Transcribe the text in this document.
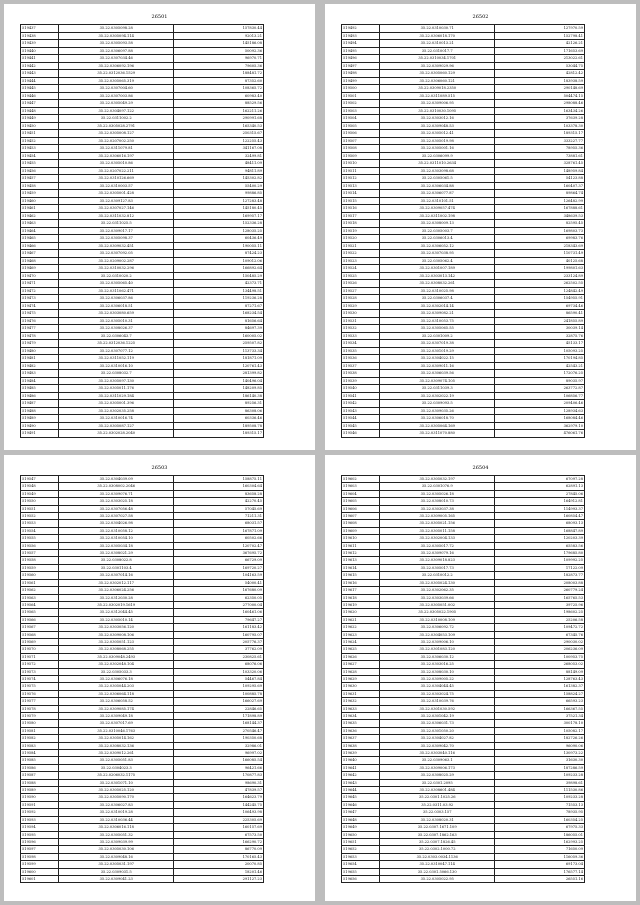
26501
519437	35.22.0305098.28	157830.44
519438	35.22.0305094.114	92013.21
519439	35.22.0305093.58	145186.08
519440	35.22.0306097.88	50092.36
519441	35.22.0307034.46	96970.71
519442	35.22.0306092.196	79605.36
519443	35.22.0312036.1529	188481.72
519444	35.22.0305065.319	87352.60
519445	35.22.0307004.60	108365.72
519446	35.22.0307003.86	60983.40
519447	35.22.0305049.29	88529.56
519448	35.22.0304097.122	162211.26
519449	35.22.0311002.2	290991.68
519450	35.22.0305028.2791	165340.53
519451	35.22.0305008.127	250315.67
519452	35.22.0207002.250	122255.43
519453	35.22.0311079.81	341167.08
519454	35.22.0306016.197	32499.81
519455	35.22.0305010.86	48411.09
519456	35.22.0207022.211	94811.89
519457	35.22.0310126.669	145302.82
519458	35.22.0310003.57	55400.29
519459	35.22.0305001.428	99886.85
519460	35.22.0309127.83	127283.48
519461	35.22.0307027.146	145180.45
519462	35.22.0311032.812	169957.17
519463	35.22.0311025.5	152336.28
519464	35.22.0309017.17	128035.25
519465	35.22.0305098.37	60436.49
519466	35.22.0309032.451	190055.11
519467	35.22.0307092.05	87424.23
519468	35.22.0209002.287	109012.06
519469	35.22.0310032.296	166892.64
519470	35.22.0310020.2	150485.29
519471	35.22.0305065.40	42373.71
519472	35.22.0311062.471	134498.51
519473	35.22.0306037.86	119236.28
519474	35.22.0306018.51	87271.67
519475	35.22.0303080.659	168234.54
519476	35.22.0305010.31	81656.64
519477	35.22.0308026.37	84697.39
519478	35.22.0306043.7	160005.02
519479	35.22.0312036.1225	259507.82
519480	35.22.0307077.12	113733.34
519481	35.22.0311052.119	181871.09
519482	35.22.0310016.10	120761.43
519483	35.22.0308032.7	281399.82
519484	35.22.0305097.130	140496.04
519485	35.22.0305011.176	148209.85
519486	35.22.0311029.184	186140.38
519487	35.22.0305001.396	89256.31
519488	35.22.0302035.258	86308.06
519489	35.22.0310016.74	60336.46
519490	35.22.0305087.127	189508.78
519491	35.22.0302028.2040	189315.17
26502
519492	35.22.0310030.71	127970.59
519493	35.22.0306018.170	152798.41
519494	35.22.0310013.21	42126.21
519495	35.22.0310017.7	171653.69
519496	35.22.0310034.1701	213022.61
519497	35.22.0309029.96	53044.75
519498	35.22.0305060.129	42812.42
519499	35.22.0306060.121	183938.59
519500	35.22.0309018.2350	290148.69
519501	35.22.0311089.515	504474.15
519502	35.22.0309006.95	298088.46
519503	35.22.0310030.1095	163434.26
519504	35.22.0303012.16	37639.28
519505	35.22.0309048.53	103378.30
519506	35.22.0305012.41	189315.17
519507	35.22.0305019.98	333227.77
519508	35.22.0305001.16	78955.36
519509	35.22.0306099.9	73881.61
519510	35.22.0311010.2634	328761.45
519511	35.22.0303098.68	148959.84
519512	35.22.0305061.5	54123.88
519513	35.22.0306034.88	160407.37
519514	35.22.0306077.87	89864.74
519515	35.22.0310101.51	126482.99
519516	35.22.0309057.474	167888.61
519517	35.22.0311002.198	348639.53
519518	35.22.0308009.13	82595.45
519519	35.22.0305003.7	169803.73
519520	35.22.0306013.4	69983.76
519521	35.22.0306052.12	218343.69
519522	35.22.0307038.95	110731.49
519523	35.22.0305062.4	40125.68
519524	35.22.0301007.189	199801.63
519525	35.22.0303013.142	233124.89
519526	35.22.0308032.261	262502.55
519527	35.22.0310025.98	124842.49
519528	35.22.0306037.4	154955.91
519529	35.22.0302014.14	69734.46
519530	35.22.0309082.21	86590.41
519531	35.22.0310053.75	241855.89
519532	35.22.0305065.55	30039.14
519533	35.22.0301009.2	32875.76
519534	35.22.0307019.38	45133.17
519535	35.22.0301019.29	105093.25
519536	35.22.0304022.15	170194.85
519537	35.22.0309011.16	42543.21
519538	35.22.0306039.56	172076.25
519539	35.22.0309074.105	89035.97
519540	35.22.0311039.3	263772.87
519541	35.22.0302022.19	106856.77
519542	35.22.0309093.5	209406.46
519543	35.22.0309035.26	128934.63
519544	35.22.0306018.70	168084.46
519545	35.22.0305064.169	362979.10
519546	35.22.0311070.880	476061.76
26503
519547	35.22.0304039.09	158875.11
519548	35.22.0308002.2046	160304.64
519549	35.22.0309076.71	83658.28
519550	35.22.0303025.18	42270.45
519551	35.22.0307056.48	57045.69
519552	35.22.0307027.58	71211.31
519553	35.22.0304026.98	68031.57
519554	35.22.0310058.12	167871.09
519555	35.22.0310054.10	60502.66
519556	35.22.0305034.18	120702.47
519557	35.22.0308021.29	367695.72
519558	35.22.0308022.8	66729.09
519559	35.22.0301103.4	169720.27
519560	35.22.0307014.16	104163.59
519561	35.22.0302012.117	54000.41
519562	35.22.0306024.256	167680.09
519563	35.22.0312030.28	62350.05
519564	35.22.0302019.1619	277000.04
519565	35.22.0312044.45	160461.06
519566	35.22.0305010.14	79647.27
519567	35.22.0303056.120	161183.42
519568	35.22.0309008.106	160795.07
519569	35.22.0305051.123	205776.37
519570	35.22.0308068.255	37762.09
519571	35.22.0309048.2493	230825.61
519572	35.22.0302048.104	68076.06
519573	35.22.0305033.3	103320.06
519574	35.22.0306076.18	54467.84
519575	35.22.0305044.203	109295.69
519576	35.22.0306064.118	100885.78
519577	35.22.0306058.52	166027.69
519578	35.22.0309085.174	22846.65
519579	35.22.0309049.18	171898.89
519580	35.22.0307017.69	168144.37
519581	35.22.0310046.1763	270546.47
519582	35.22.0305014.162	190350.68
519583	35.22.0308032.136	32986.01
519584	35.22.0309012.261	96997.02
519585	35.22.0305051.83	166085.54
519586	35.22.0304023.3	96421.66
519587	35.22.0206032.1175	170877.83
519588	35.22.0301071.10	98690.31
519589	35.22.0305025.120	47839.57
519590	35.22.0305090.170	164623.79
519591	35.22.0306027.83	144245.75
519592	35.22.0310019.28	106493.98
519593	35.22.0310036.44	225305.69
519594	35.22.0306016.118	160157.69
519595	35.22.0305051.32	67573.50
519596	35.22.0309039.99	166290.72
519597	35.22.0305030.106	86770.09
519598	35.22.0309048.16	170165.43
519599	35.22.0305031.197	20070.85
519600	35.22.0309031.5	18201.46
519601	35.22.0309041.23	291127.23
26504
519602	35.22.0305032.197	67097.28
519603	35.22.0301076.9	62891.13
519604	35.22.0305026.18	27845.06
519605	35.22.0308010.73	164912.81
519606	35.22.0303037.38	114993.37
519607	35.22.0309005.165	160854.47
519608	35.22.0305021.156	68093.13
519609	35.22.0305011.158	168847.89
519610	35.22.0302004.133	120203.39
519611	35.22.0305017.72	65583.56
519612	35.22.0309079.16	179685.80
519613	35.22.0309018.823	109992.25
519614	35.22.0305017.73	17122.09
519615	35.22.0310012.2	182873.77
519616	35.22.0305024.130	208003.88
519617	35.22.0302062.35	260779.24
519618	35.22.0303039.66	165765.53
519619	35.22.0305051.002	39725.96
519620	35.22.0305022.1905	198602.25
519621	35.22.0310008.109	25206.58
519622	35.22.0306092.72	109472.72
519623	35.22.0304053.109	67345.76
519624	35.22.0309006.10	290030.02
519625	35.22.0301083.120	206236.09
519626	35.22.0306030.12	100953.75
519627	35.22.0303016.25	268053.02
519628	35.22.0308030.10	88149.09
519629	35.22.0309005.22	128763.43
519630	35.22.0304044.45	161382.37
519631	35.22.0303024.75	158824.27
519632	35.22.0310039.76	66593.23
519633	35.22.0301030.592	166367.55
519634	35.22.0301042.19	37521.34
519635	35.22.0306031.73	300178.10
519636	35.22.0301050.20	105082.17
519637	35.22.0304027.82	182726.26
519638	35.22.0309042.70	96090.06
519639	35.22.0303040.116	130973.22
519640	35.22.0309063.1	31630.30
519641	35.22.0309006.173	187286.59
519642	35.22.0308025.29	109233.28
519643	35.22.0301.2095	39898.61
519644	35.22.0308601.484	111530.86
519645	35.22.0301.1025.26	109233.28
519646	35.22.0311.03.92	71553.13
519647	35.22.0303.157	78935.95
519648	35.22.0308020.31	160354.25
519649	35.22.0307.1671.109	67975.33
519650	35.22.0307.1862.163	186055.01
519651	35.22.0307.1826.45	162993.25
519652	35.22.0302.1000.72	71650.09
519653	35.22.0303.0034.1136	116059.36
519654	35.22.0310047.114	69173.04
519655	35.22.0301.5066.130	176577.14
519656	35.22.0305022.95	26551.16
